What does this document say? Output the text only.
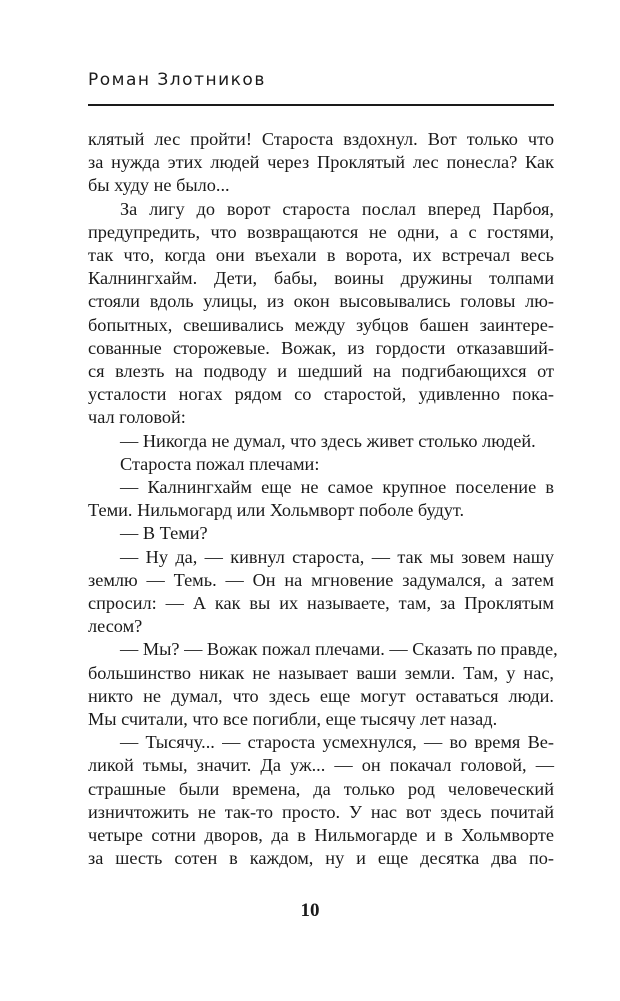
Роман Злотников
клятый лес пройти! Староста вздохнул. Вот только что
за нужда этих людей через Проклятый лес понесла? Как
бы худу не было...
За лигу до ворот староста послал вперед Парбоя,
предупредить, что возвращаются не одни, а с гостями,
так что, когда они въехали в ворота, их встречал весь
Калнингхайм. Дети, бабы, воины дружины толпами
стояли вдоль улицы, из окон высовывались головы лю-
бопытных, свешивались между зубцов башен заинтере-
сованные сторожевые. Вожак, из гордости отказавший-
ся влезть на подводу и шедший на подгибающихся от
усталости ногах рядом со старостой, удивленно пока-
чал головой:
— Никогда не думал, что здесь живет столько людей.
Староста пожал плечами:
— Калнингхайм еще не самое крупное поселение в
Теми. Нильмогард или Хольмворт поболе будут.
— В Теми?
— Ну да, — кивнул староста, — так мы зовем нашу
землю — Темь. — Он на мгновение задумался, а затем
спросил: — А как вы их называете, там, за Проклятым
лесом?
— Мы? — Вожак пожал плечами. — Сказать по правде,
большинство никак не называет ваши земли. Там, у нас,
никто не думал, что здесь еще могут оставаться люди.
Мы считали, что все погибли, еще тысячу лет назад.
— Тысячу... — староста усмехнулся, — во время Ве-
ликой тьмы, значит. Да уж... — он покачал головой, —
страшные были времена, да только род человеческий
изничтожить не так-то просто. У нас вот здесь почитай
четыре сотни дворов, да в Нильмогарде и в Хольмворте
за шесть сотен в каждом, ну и еще десятка два по-
10
